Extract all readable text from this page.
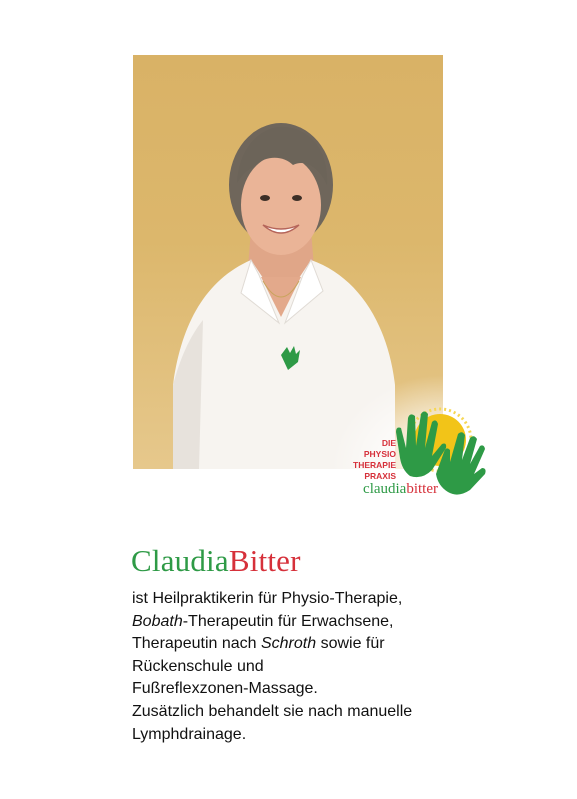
DIE
PHYSIO
THERAPIE
PRAXIS
claudiabitter
ClaudiaBitter
ist Heilpraktikerin für Physio-Therapie,
Bobath-Therapeutin für Erwachsene,
Therapeutin nach Schroth sowie für
Rückenschule und
Fußreflexzonen-Massage.
Zusätzlich behandelt sie nach manuelle
Lymphdrainage.
